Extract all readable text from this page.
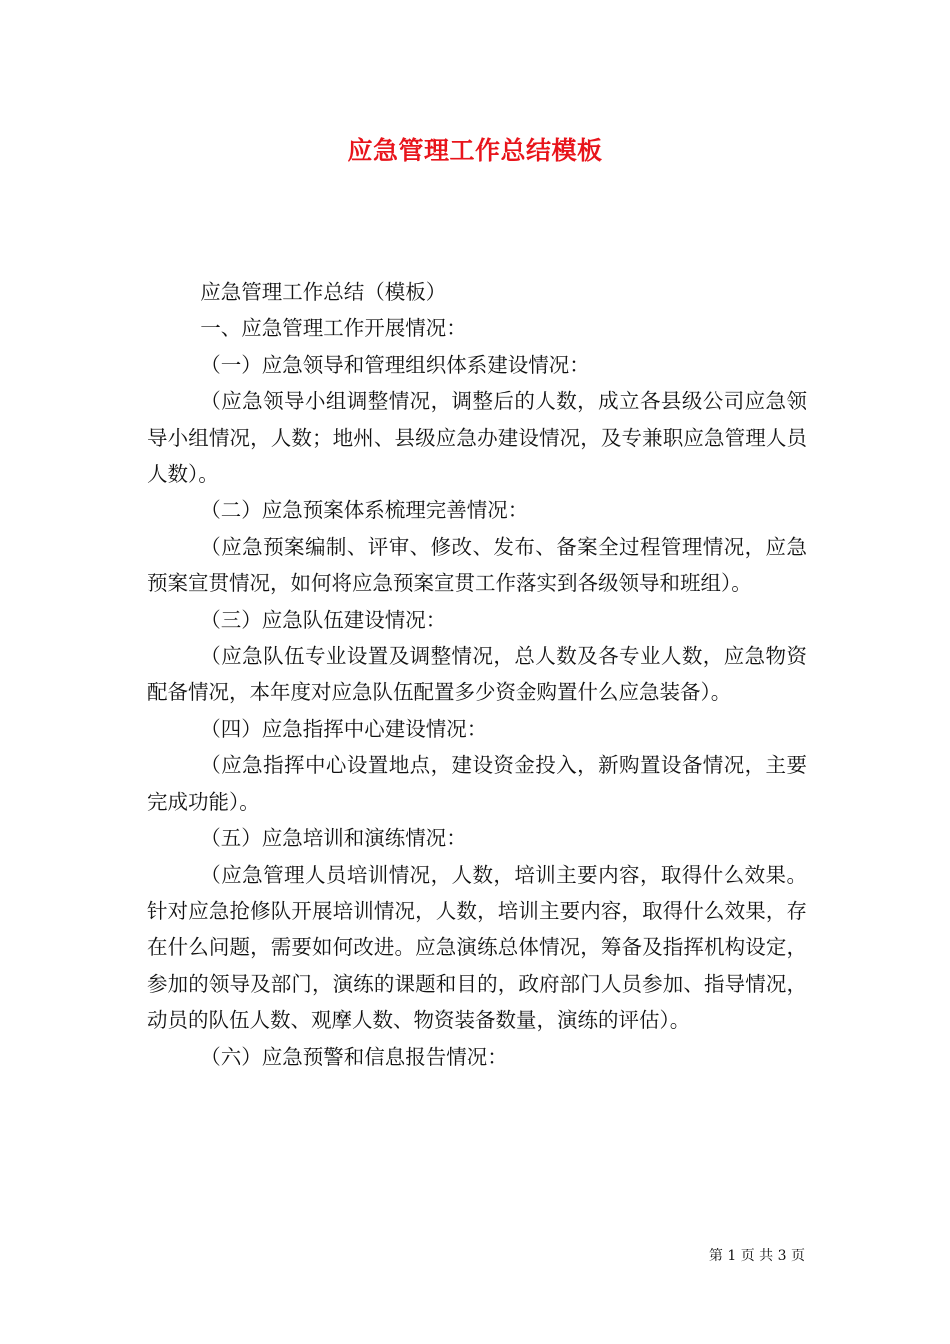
应急管理工作总结模板

应急管理工作总结（模板）

一、应急管理工作开展情况：

（一）应急领导和管理组织体系建设情况：

（应急领导小组调整情况，调整后的人数，成立各县级公司应急领导小组情况，人数；地州、县级应急办建设情况，及专兼职应急管理人员人数）。

（二）应急预案体系梳理完善情况：

（应急预案编制、评审、修改、发布、备案全过程管理情况，应急预案宣贯情况，如何将应急预案宣贯工作落实到各级领导和班组）。

（三）应急队伍建设情况：

（应急队伍专业设置及调整情况，总人数及各专业人数，应急物资配备情况，本年度对应急队伍配置多少资金购置什么应急装备）。

（四）应急指挥中心建设情况：

（应急指挥中心设置地点，建设资金投入，新购置设备情况，主要完成功能）。

（五）应急培训和演练情况：

（应急管理人员培训情况，人数，培训主要内容，取得什么效果。针对应急抢修队开展培训情况，人数，培训主要内容，取得什么效果，存在什么问题，需要如何改进。应急演练总体情况，筹备及指挥机构设定，参加的领导及部门，演练的课题和目的，政府部门人员参加、指导情况，动员的队伍人数、观摩人数、物资装备数量，演练的评估）。

（六）应急预警和信息报告情况：

第 1 页 共 3 页
